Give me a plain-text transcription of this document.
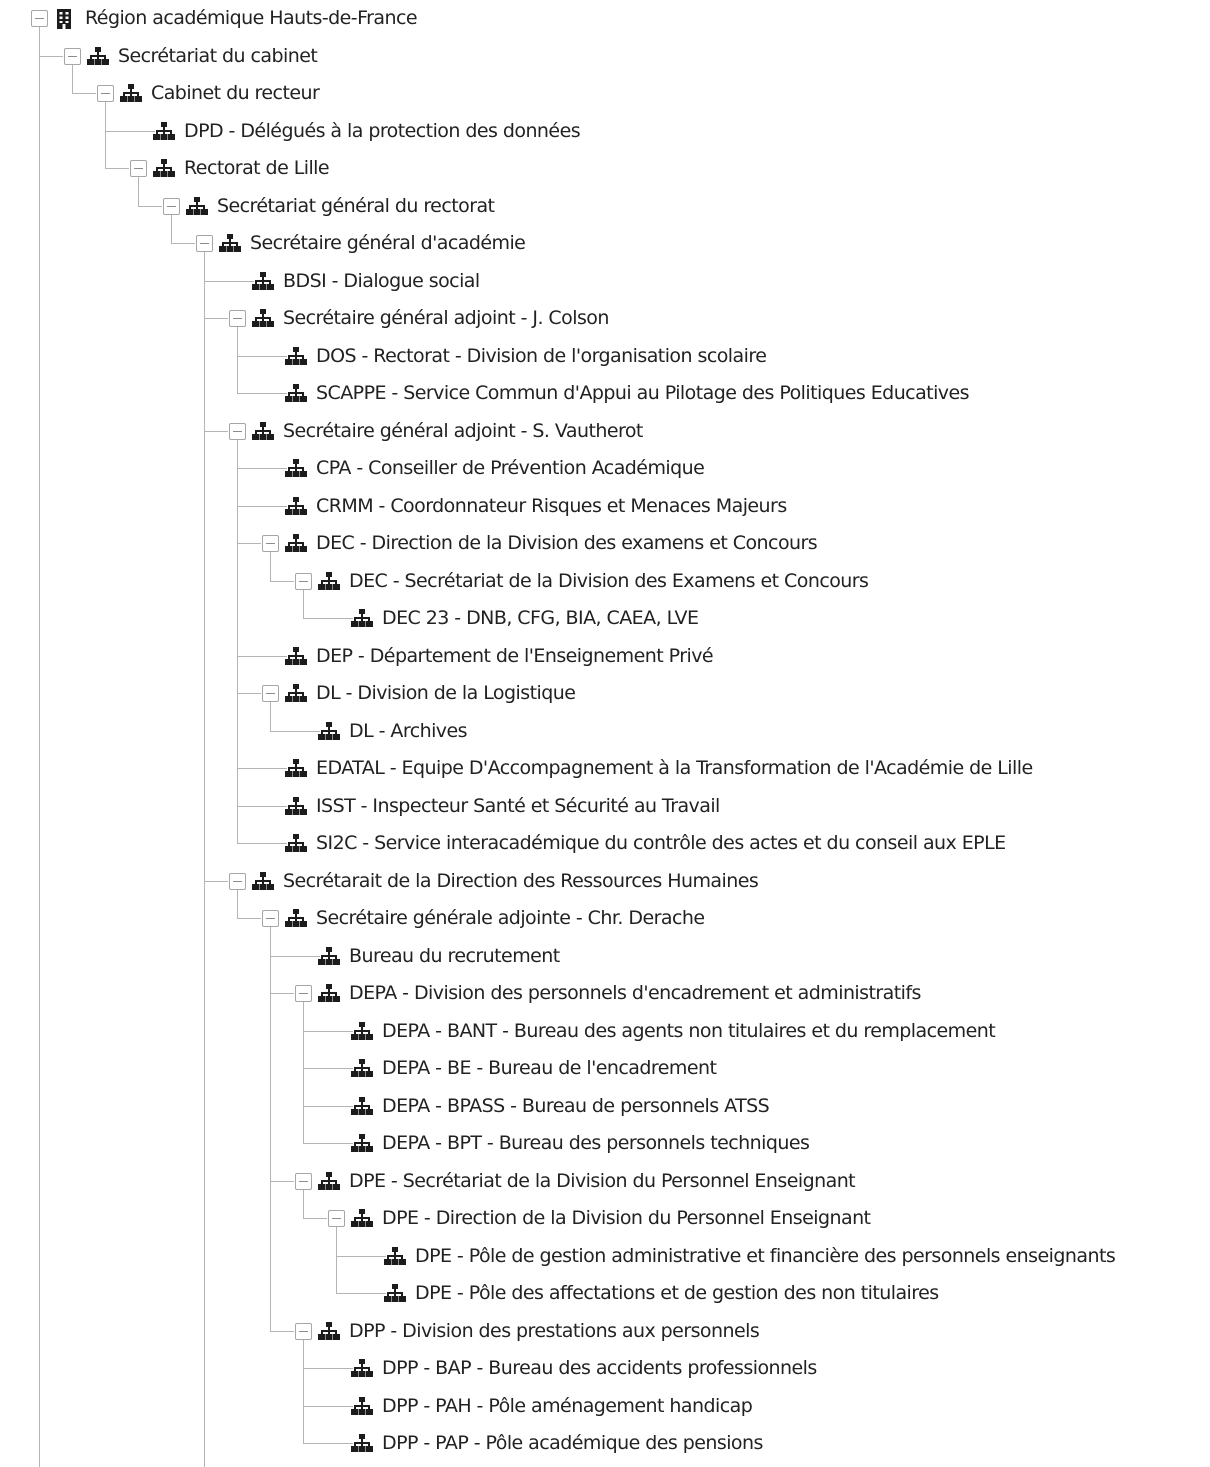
Région académique Hauts-de-France
Secrétariat du cabinet
Cabinet du recteur
DPD - Délégués à la protection des données
Rectorat de Lille
Secrétariat général du rectorat
Secrétaire général d'académie
BDSI - Dialogue social
Secrétaire général adjoint - J. Colson
DOS - Rectorat - Division de l'organisation scolaire
SCAPPE - Service Commun d'Appui au Pilotage des Politiques Educatives
Secrétaire général adjoint - S. Vautherot
CPA - Conseiller de Prévention Académique
CRMM - Coordonnateur Risques et Menaces Majeurs
DEC - Direction de la Division des examens et Concours
DEC - Secrétariat de la Division des Examens et Concours
DEC 23 - DNB, CFG, BIA, CAEA, LVE
DEP - Département de l'Enseignement Privé
DL - Division de la Logistique
DL - Archives
EDATAL - Equipe D'Accompagnement à la Transformation de l'Académie de Lille
ISST - Inspecteur Santé et Sécurité au Travail
SI2C - Service interacadémique du contrôle des actes et du conseil aux EPLE
Secrétarait de la Direction des Ressources Humaines
Secrétaire générale adjointe - Chr. Derache
Bureau du recrutement
DEPA - Division des personnels d'encadrement et administratifs
DEPA - BANT - Bureau des agents non titulaires et du remplacement
DEPA - BE - Bureau de l'encadrement
DEPA - BPASS - Bureau de personnels ATSS
DEPA - BPT - Bureau des personnels techniques
DPE - Secrétariat de la Division du Personnel Enseignant
DPE - Direction de la Division du Personnel Enseignant
DPE - Pôle de gestion administrative et financière des personnels enseignants
DPE - Pôle des affectations et de gestion des non titulaires
DPP - Division des prestations aux personnels
DPP - BAP - Bureau des accidents professionnels
DPP - PAH - Pôle aménagement handicap
DPP - PAP - Pôle académique des pensions
